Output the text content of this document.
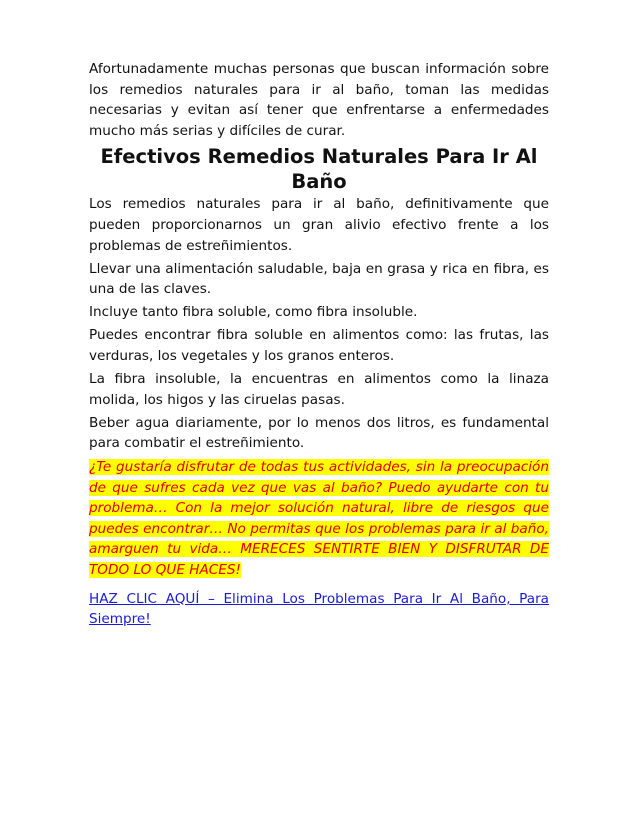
Afortunadamente muchas personas que buscan información sobre los remedios naturales para ir al baño, toman las medidas necesarias y evitan así tener que enfrentarse a enfermedades mucho más serias y difíciles de curar.

Efectivos Remedios Naturales Para Ir Al Baño

Los remedios naturales para ir al baño, definitivamente que pueden proporcionarnos un gran alivio efectivo frente a los problemas de estreñimientos.

Llevar una alimentación saludable, baja en grasa y rica en fibra, es una de las claves.

Incluye tanto fibra soluble, como fibra insoluble.

Puedes encontrar fibra soluble en alimentos como: las frutas, las verduras, los vegetales y los granos enteros.

La fibra insoluble, la encuentras en alimentos como la linaza molida, los higos y las ciruelas pasas.

Beber agua diariamente, por lo menos dos litros, es fundamental para combatir el estreñimiento.

¿Te gustaría disfrutar de todas tus actividades, sin la preocupación de que sufres cada vez que vas al baño? Puedo ayudarte con tu problema… Con la mejor solución natural, libre de riesgos que puedes encontrar… No permitas que los problemas para ir al baño, amarguen tu vida… MERECES SENTIRTE BIEN Y DISFRUTAR DE TODO LO QUE HACES!

HAZ CLIC AQUÍ – Elimina Los Problemas Para Ir Al Baño, Para Siempre!
